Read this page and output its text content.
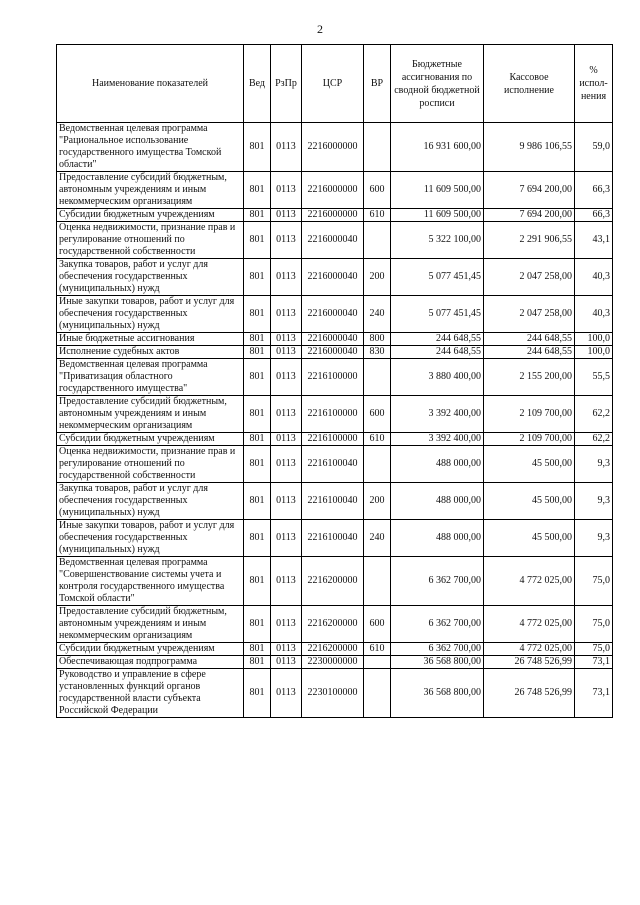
2
Наименование показателей	Вед	РзПр	ЦСР	ВР	Бюджетные ассигнования по сводной бюджетной росписи	Кассовое исполнение	% испол-нения
Ведомственная целевая программа "Рациональное использование государственного имущества Томской области"	801	0113	2216000000		16 931 600,00	9 986 106,55	59,0
Предоставление субсидий бюджетным, автономным учреждениям и иным некоммерческим организациям	801	0113	2216000000	600	11 609 500,00	7 694 200,00	66,3
Субсидии бюджетным учреждениям	801	0113	2216000000	610	11 609 500,00	7 694 200,00	66,3
Оценка недвижимости, признание прав и регулирование отношений по государственной собственности	801	0113	2216000040		5 322 100,00	2 291 906,55	43,1
Закупка товаров, работ и услуг для обеспечения государственных (муниципальных) нужд	801	0113	2216000040	200	5 077 451,45	2 047 258,00	40,3
Иные закупки товаров, работ и услуг для обеспечения государственных (муниципальных) нужд	801	0113	2216000040	240	5 077 451,45	2 047 258,00	40,3
Иные бюджетные ассигнования	801	0113	2216000040	800	244 648,55	244 648,55	100,0
Исполнение судебных актов	801	0113	2216000040	830	244 648,55	244 648,55	100,0
Ведомственная целевая программа "Приватизация областного государственного имущества"	801	0113	2216100000		3 880 400,00	2 155 200,00	55,5
Предоставление субсидий бюджетным, автономным учреждениям и иным некоммерческим организациям	801	0113	2216100000	600	3 392 400,00	2 109 700,00	62,2
Субсидии бюджетным учреждениям	801	0113	2216100000	610	3 392 400,00	2 109 700,00	62,2
Оценка недвижимости, признание прав и регулирование отношений по государственной собственности	801	0113	2216100040		488 000,00	45 500,00	9,3
Закупка товаров, работ и услуг для обеспечения государственных (муниципальных) нужд	801	0113	2216100040	200	488 000,00	45 500,00	9,3
Иные закупки товаров, работ и услуг для обеспечения государственных (муниципальных) нужд	801	0113	2216100040	240	488 000,00	45 500,00	9,3
Ведомственная целевая программа "Совершенствование системы учета и контроля государственного имущества Томской области"	801	0113	2216200000		6 362 700,00	4 772 025,00	75,0
Предоставление субсидий бюджетным, автономным учреждениям и иным некоммерческим организациям	801	0113	2216200000	600	6 362 700,00	4 772 025,00	75,0
Субсидии бюджетным учреждениям	801	0113	2216200000	610	6 362 700,00	4 772 025,00	75,0
Обеспечивающая подпрограмма	801	0113	2230000000		36 568 800,00	26 748 526,99	73,1
Руководство и управление в сфере установленных функций органов государственной власти субъекта Российской Федерации	801	0113	2230100000		36 568 800,00	26 748 526,99	73,1
